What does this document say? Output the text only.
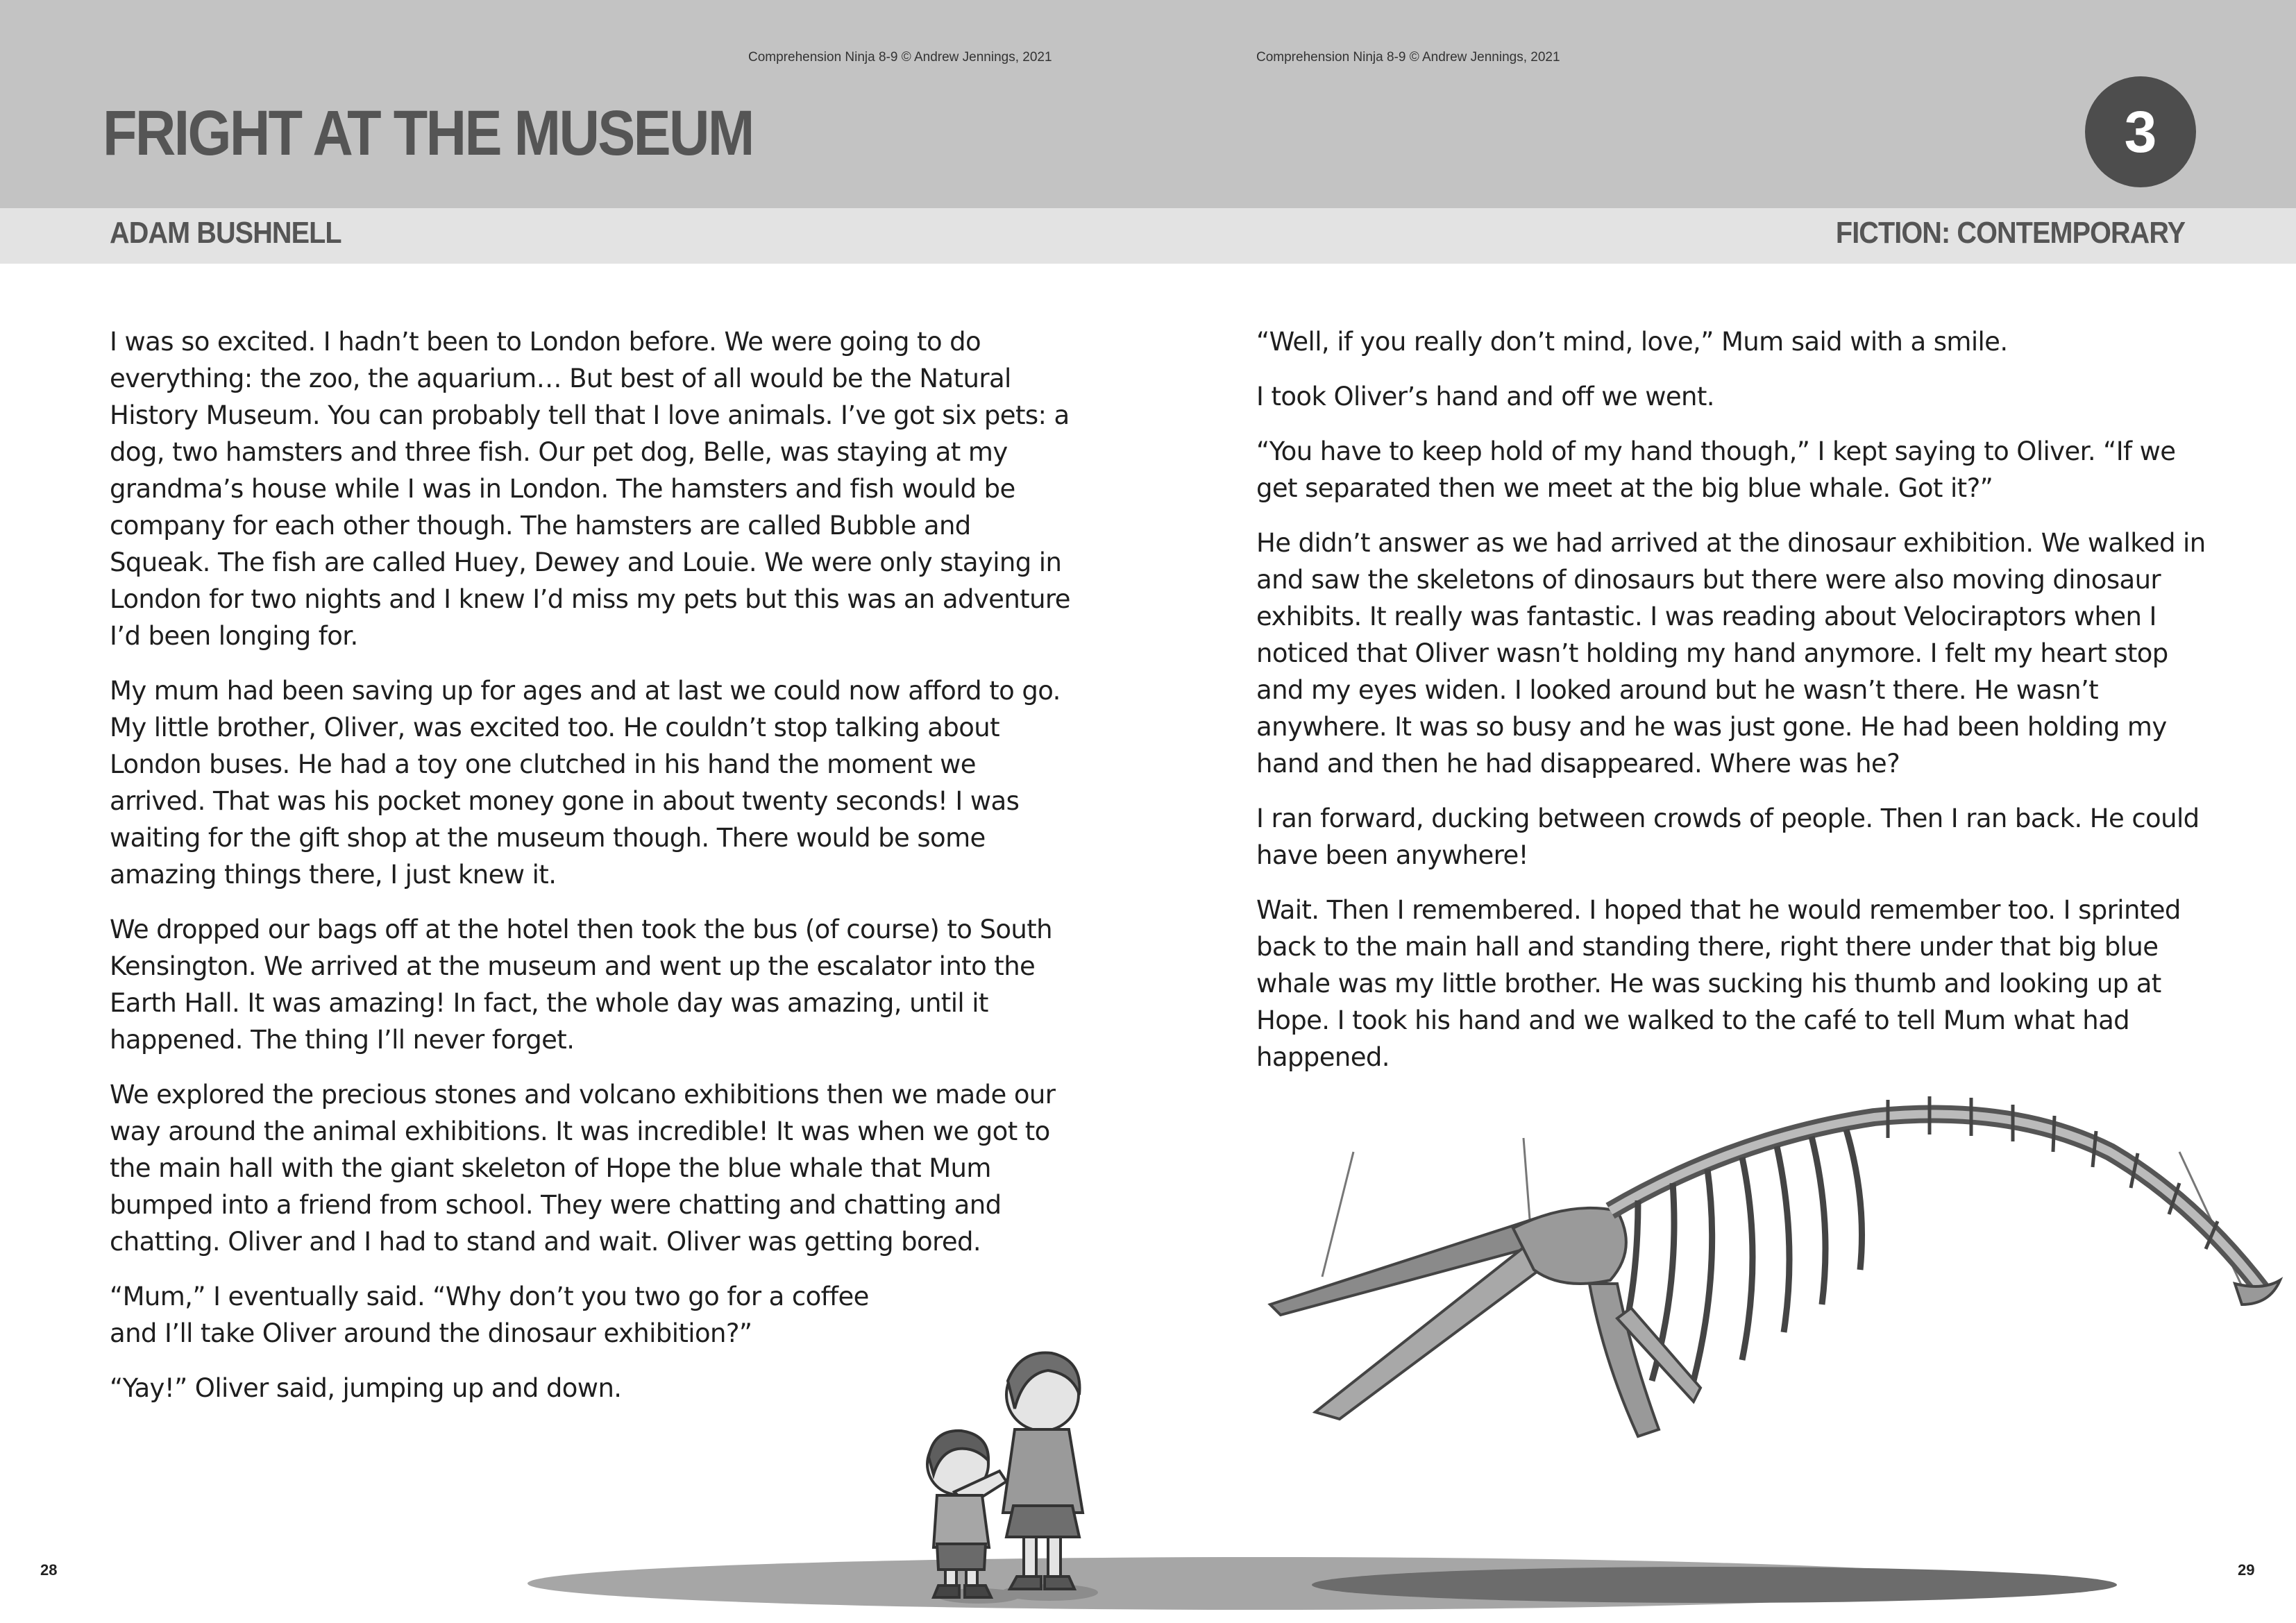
Comprehension Ninja 8-9 © Andrew Jennings, 2021	Comprehension Ninja 8-9 © Andrew Jennings, 2021
FRIGHT AT THE MUSEUM	3
ADAM BUSHNELL	FICTION: CONTEMPORARY

I was so excited. I hadn’t been to London before. We were going to do everything: the zoo, the aquarium… But best of all would be the Natural History Museum. You can probably tell that I love animals. I’ve got six pets: a dog, two hamsters and three fish. Our pet dog, Belle, was staying at my grandma’s house while I was in London. The hamsters and fish would be company for each other though. The hamsters are called Bubble and Squeak. The fish are called Huey, Dewey and Louie. We were only staying in London for two nights and I knew I’d miss my pets but this was an adventure I’d been longing for.

My mum had been saving up for ages and at last we could now afford to go. My little brother, Oliver, was excited too. He couldn’t stop talking about London buses. He had a toy one clutched in his hand the moment we arrived. That was his pocket money gone in about twenty seconds! I was waiting for the gift shop at the museum though. There would be some amazing things there, I just knew it.

We dropped our bags off at the hotel then took the bus (of course) to South Kensington. We arrived at the museum and went up the escalator into the Earth Hall. It was amazing! In fact, the whole day was amazing, until it happened. The thing I’ll never forget.

We explored the precious stones and volcano exhibitions then we made our way around the animal exhibitions. It was incredible! It was when we got to the main hall with the giant skeleton of Hope the blue whale that Mum bumped into a friend from school. They were chatting and chatting and chatting. Oliver and I had to stand and wait. Oliver was getting bored.

“Mum,” I eventually said. “Why don’t you two go for a coffee and I’ll take Oliver around the dinosaur exhibition?”

“Yay!” Oliver said, jumping up and down.

“Well, if you really don’t mind, love,” Mum said with a smile.

I took Oliver’s hand and off we went.

“You have to keep hold of my hand though,” I kept saying to Oliver. “If we get separated then we meet at the big blue whale. Got it?”

He didn’t answer as we had arrived at the dinosaur exhibition. We walked in and saw the skeletons of dinosaurs but there were also moving dinosaur exhibits. It really was fantastic. I was reading about Velociraptors when I noticed that Oliver wasn’t holding my hand anymore. I felt my heart stop and my eyes widen. I looked around but he wasn’t there. He wasn’t anywhere. It was so busy and he was just gone. He had been holding my hand and then he had disappeared. Where was he?

I ran forward, ducking between crowds of people. Then I ran back. He could have been anywhere!

Wait. Then I remembered. I hoped that he would remember too. I sprinted back to the main hall and standing there, right there under that big blue whale was my little brother. He was sucking his thumb and looking up at Hope. I took his hand and we walked to the café to tell Mum what had happened.

28	29
